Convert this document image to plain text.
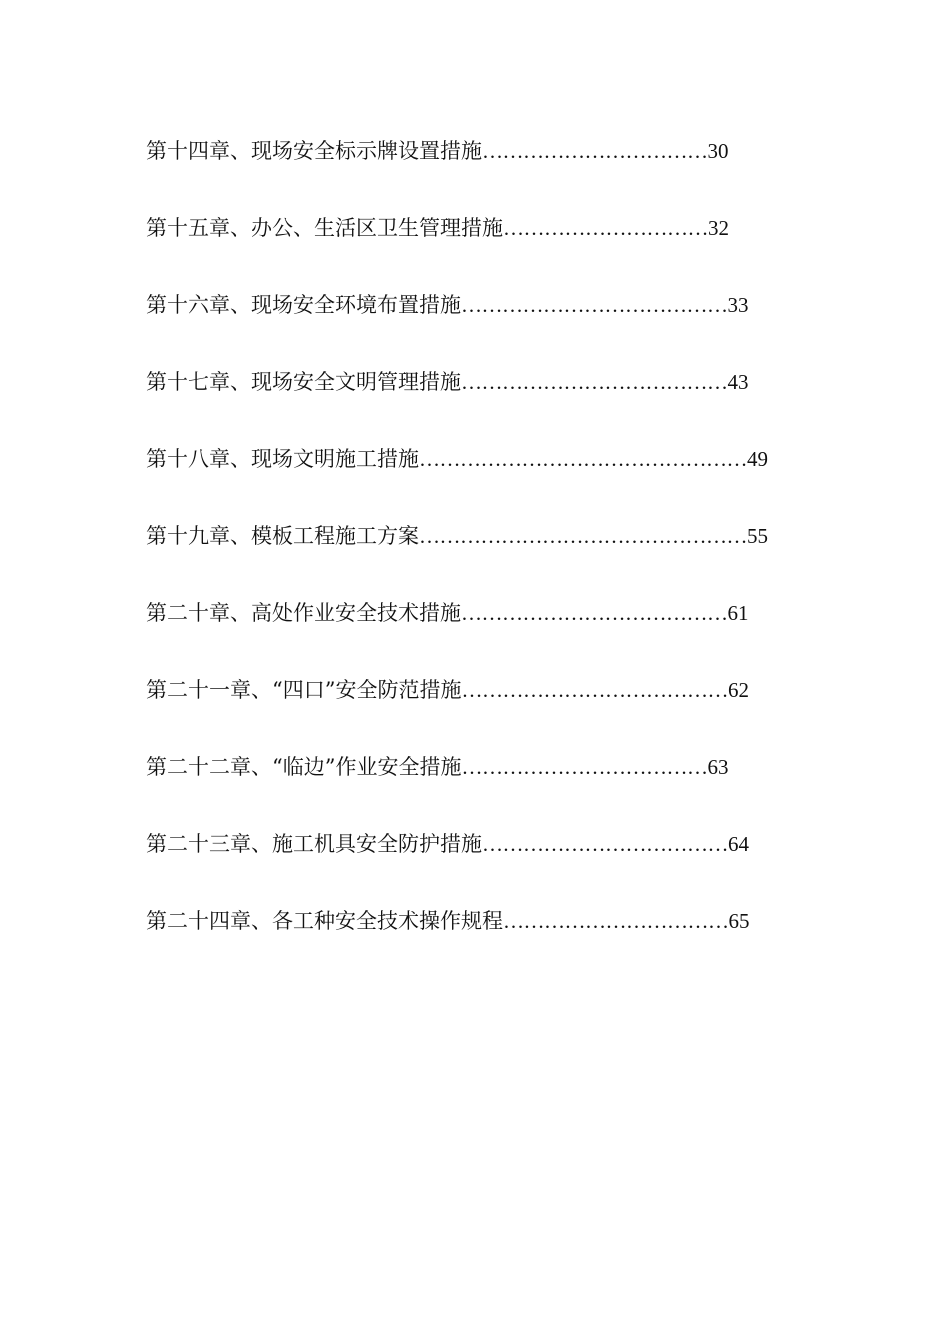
第十四章、现场安全标示牌设置措施……………………………30
第十五章、办公、生活区卫生管理措施…………………………32
第十六章、现场安全环境布置措施…………………………………33
第十七章、现场安全文明管理措施…………………………………43
第十八章、现场文明施工措施…………………………………………49
第十九章、模板工程施工方案…………………………………………55
第二十章、高处作业安全技术措施…………………………………61
第二十一章、“四口”安全防范措施…………………………………62
第二十二章、“临边”作业安全措施………………………………63
第二十三章、施工机具安全防护措施………………………………64
第二十四章、各工种安全技术操作规程……………………………65
